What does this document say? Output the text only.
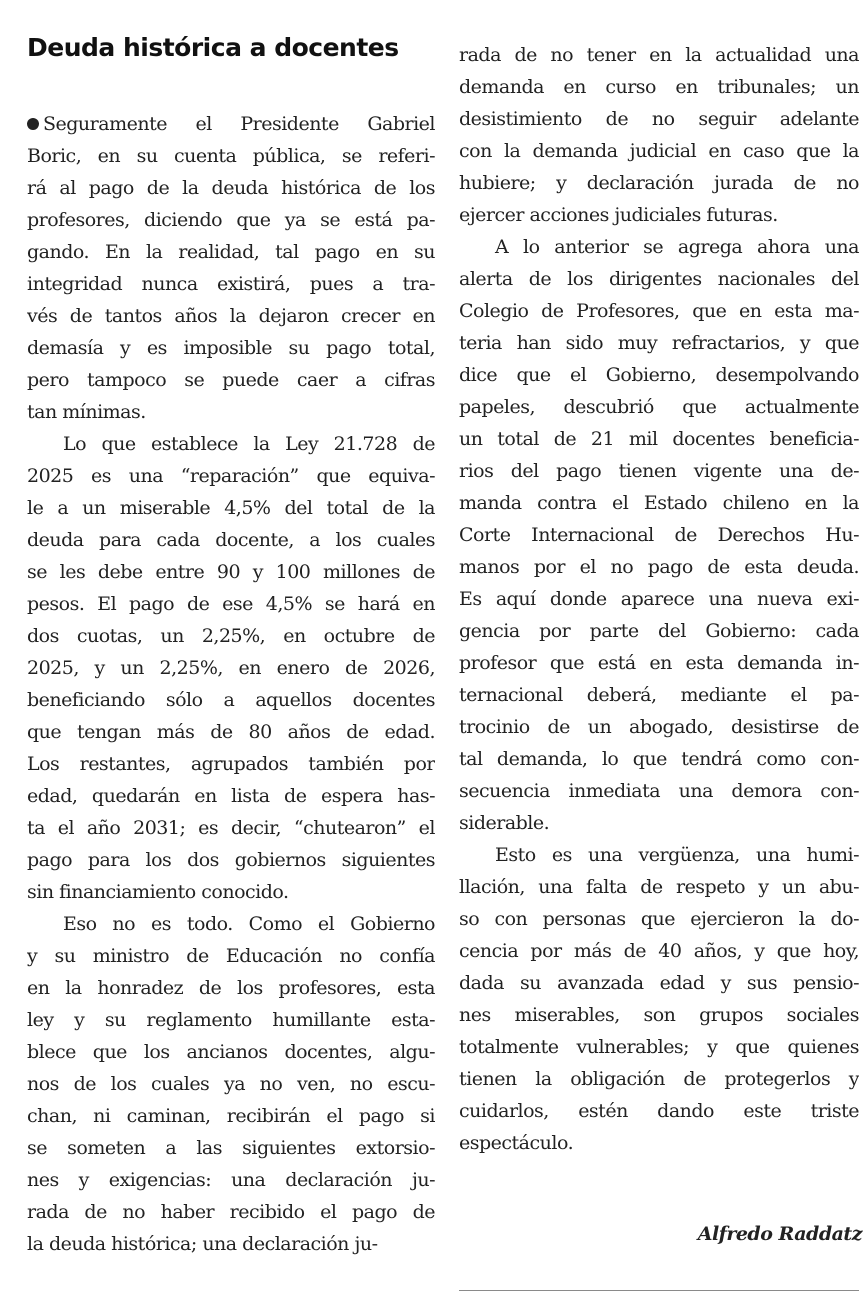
Deuda histórica a docentes
Seguramente el Presidente Gabriel
Boric, en su cuenta pública, se referi-
rá al pago de la deuda histórica de los
profesores, diciendo que ya se está pa-
gando. En la realidad, tal pago en su
integridad nunca existirá, pues a tra-
vés de tantos años la dejaron crecer en
demasía y es imposible su pago total,
pero tampoco se puede caer a cifras
tan mínimas.
Lo que establece la Ley 21.728 de
2025 es una “reparación” que equiva-
le a un miserable 4,5% del total de la
deuda para cada docente, a los cuales
se les debe entre 90 y 100 millones de
pesos. El pago de ese 4,5% se hará en
dos cuotas, un 2,25%, en octubre de
2025, y un 2,25%, en enero de 2026,
beneficiando sólo a aquellos docentes
que tengan más de 80 años de edad.
Los restantes, agrupados también por
edad, quedarán en lista de espera has-
ta el año 2031; es decir, “chutearon” el
pago para los dos gobiernos siguientes
sin financiamiento conocido.
Eso no es todo. Como el Gobierno
y su ministro de Educación no confía
en la honradez de los profesores, esta
ley y su reglamento humillante esta-
blece que los ancianos docentes, algu-
nos de los cuales ya no ven, no escu-
chan, ni caminan, recibirán el pago si
se someten a las siguientes extorsio-
nes y exigencias: una declaración ju-
rada de no haber recibido el pago de
la deuda histórica; una declaración ju-
rada de no tener en la actualidad una
demanda en curso en tribunales; un
desistimiento de no seguir adelante
con la demanda judicial en caso que la
hubiere; y declaración jurada de no
ejercer acciones judiciales futuras.
A lo anterior se agrega ahora una
alerta de los dirigentes nacionales del
Colegio de Profesores, que en esta ma-
teria han sido muy refractarios, y que
dice que el Gobierno, desempolvando
papeles, descubrió que actualmente
un total de 21 mil docentes beneficia-
rios del pago tienen vigente una de-
manda contra el Estado chileno en la
Corte Internacional de Derechos Hu-
manos por el no pago de esta deuda.
Es aquí donde aparece una nueva exi-
gencia por parte del Gobierno: cada
profesor que está en esta demanda in-
ternacional deberá, mediante el pa-
trocinio de un abogado, desistirse de
tal demanda, lo que tendrá como con-
secuencia inmediata una demora con-
siderable.
Esto es una vergüenza, una humi-
llación, una falta de respeto y un abu-
so con personas que ejercieron la do-
cencia por más de 40 años, y que hoy,
dada su avanzada edad y sus pensio-
nes miserables, son grupos sociales
totalmente vulnerables; y que quienes
tienen la obligación de protegerlos y
cuidarlos, estén dando este triste
espectáculo.
Alfredo Raddatz
